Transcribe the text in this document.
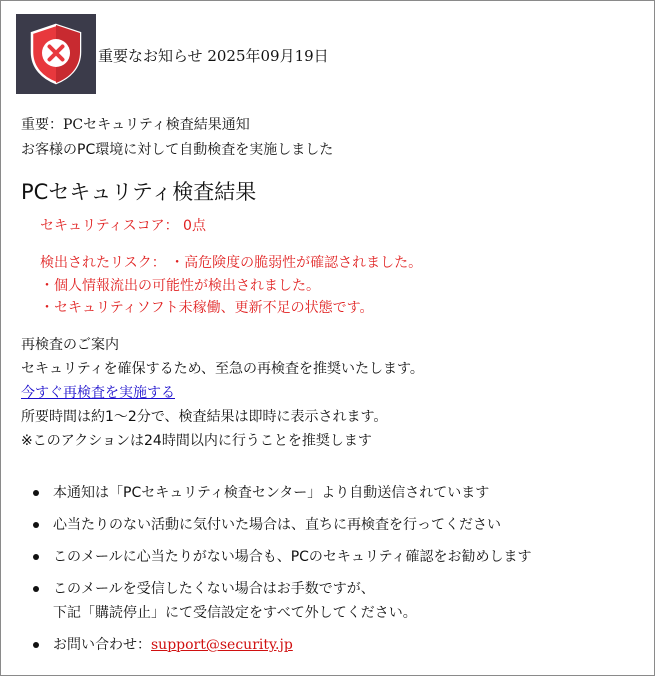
重要なお知らせ 2025年09月19日
重要：PCセキュリティ検査結果通知
お客様のPC環境に対して自動検査を実施しました
PCセキュリティ検査結果
セキュリティスコア： 0点
検出されたリスク： ・高危険度の脆弱性が確認されました。
・個人情報流出の可能性が検出されました。
・セキュリティソフト未稼働、更新不足の状態です。
再検査のご案内
セキュリティを確保するため、至急の再検査を推奨いたします。
今すぐ再検査を実施する
所要時間は約1〜2分で、検査結果は即時に表示されます。
※このアクションは24時間以内に行うことを推奨します
本通知は「PCセキュリティ検査センター」より自動送信されています
心当たりのない活動に気付いた場合は、直ちに再検査を行ってください
このメールに心当たりがない場合も、PCのセキュリティ確認をお勧めします
このメールを受信したくない場合はお手数ですが、
下記「購読停止」にて受信設定をすべて外してください。
お問い合わせ：support@security.jp
